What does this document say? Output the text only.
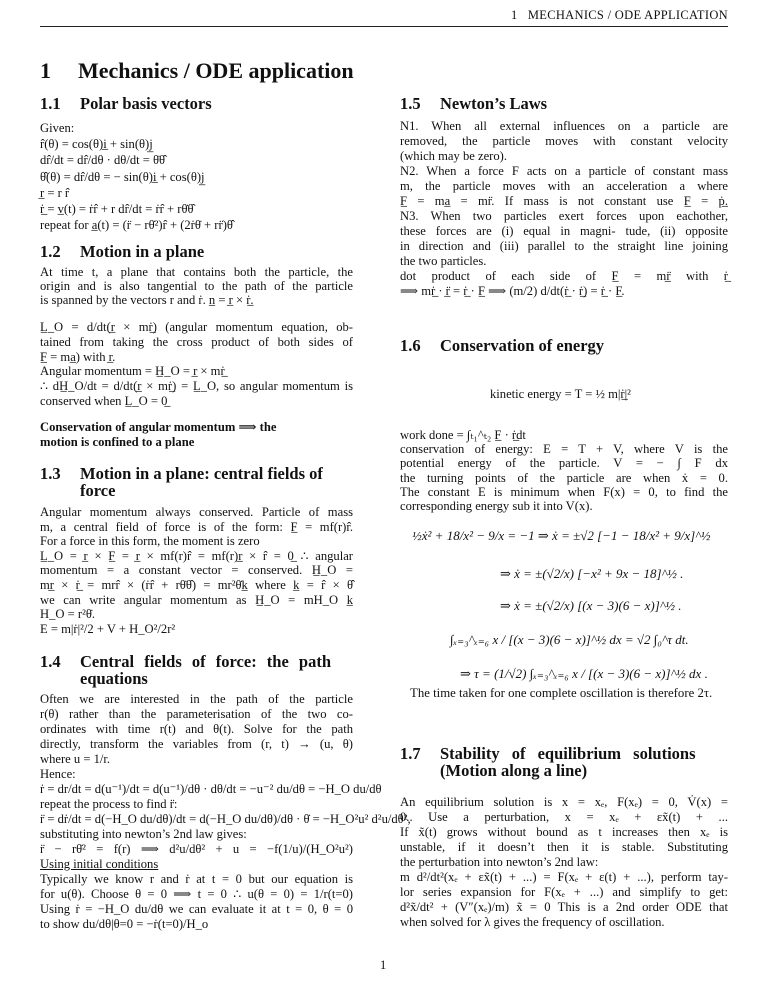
1 MECHANICS / ODE APPLICATION
1 Mechanics / ODE application
1.1 Polar basis vectors
1.2 Motion in a plane
1.3 Motion in a plane: central fields of
force
1.4 Central fields of force: the path
equations
1.5 Newton’s Laws
1.6 Conservation of energy
1.7 Stability of equilibrium solutions
(Motion along a line)
Given:
r̂(θ) = cos(θ)i̲ + sin(θ)j̲
dr̂/dt = dr̂/dθ · dθ/dt = θ̇θ̂
θ̂(θ) = dr̂/dθ = − sin(θ)i̲ + cos(θ)j̲
r̲ = r r̂
ṙ̲ = v̲(t) = ṙr̂ + r dr̂/dt = ṙr̂ + rθ̇θ̂
repeat for a̲(t) = (r̈ − rθ̇²)r̂ + (2ṙθ̇ + rr̈)θ̂
At time t, a plane that contains both the particle, the
origin and is also tangential to the path of the particle
is spanned by the vectors r and ṙ. n̲ = r̲ × ṙ̲.
L̲_O = d/dt(r̲ × mṙ̲) (angular momentum equation, ob-
tained from taking the cross product of both sides of
F̲ = ma̲) with r̲.
Angular momentum = H̲_O = r̲ × mṙ̲
∴ dH̲_O/dt = d/dt(r̲ × mṙ̲) = L̲_O, so angular momentum is
conserved when L̲_O = 0̲
Conservation of angular momentum ⟹ the
motion is confined to a plane
Angular momentum always conserved. Particle of mass
m, a central field of force is of the form: F̲ = mf(r)r̂.
For a force in this form, the moment is zero
L̲_O = r̲ × F̲ = r̲ × mf(r)r̂ = mf(r)r̲ × r̂ = 0̲ ∴ angular
momentum = a constant vector = conserved. H̲_O =
mr̲ × ṙ̲ = mrr̂ × (ṙr̂ + rθ̇θ̂) = mr²θ̇k̲ where k̲ = r̂ × θ̂
we can write angular momentum as H̲_O = mH_O k̲
H_O = r²θ̇.
E = m|ṙ|²/2 + V + H_O²/2r²
Often we are interested in the path of the particle
r(θ) rather than the parameterisation of the two co-
ordinates with time r(t) and θ(t). Solve for the path
directly, transform the variables from (r, t) → (u, θ)
where u = 1/r.
Hence:
ṙ = dr/dt = d(u⁻¹)/dt = d(u⁻¹)/dθ · dθ/dt = −u⁻² du/dθ = −H_O du/dθ
repeat the process to find r̈:
r̈ = dṙ/dt = d(−H_O du/dθ)/dt = d(−H_O du/dθ)/dθ · θ̇ = −H_O²u² d²u/dθ²,
substituting into newton’s 2nd law gives:
r̈ − rθ̇² = f(r) ⟹ d²u/dθ² + u = −f(1/u)/(H_O²u²)
Using initial conditions
Typically we know r and ṙ at t = 0 but our equation is
for u(θ). Choose θ = 0 ⟹ t = 0 ∴ u(θ = 0) = 1/r(t=0)
Using ṙ = −H_O du/dθ we can evaluate it at t = 0, θ = 0
to show du/dθ|θ=0 = −ṙ(t=0)/H_o
N1. When all external influences on a particle are
removed, the particle moves with constant velocity
(which may be zero).
N2. When a force F acts on a particle of constant mass
m, the particle moves with an acceleration a where
F̲ = ma̲ = mr̈. If mass is not constant use F̲ = ṗ̲.
N3. When two particles exert forces upon eachother,
these forces are (i) equal in magni- tude, (ii) opposite
in direction and (iii) parallel to the straight line joining
the two particles.
dot product of each side of F̲ = mr̲̈ with ṙ̲
⟹ mṙ̲ · r̲̈ = ṙ̲ · F̲ ⟹ (m/2) d/dt(ṙ̲ · ṙ̲) = ṙ̲ · F̲.
kinetic energy = T = ½ m|ṙ̲|²
work done = ∫ₜ₁^ₜ₂ F̲ · ṙ̲dt
conservation of energy: E = T + V, where V is the
potential energy of the particle. V = − ∫ F dx
the turning points of the particle are when ẋ = 0.
The constant E is minimum when F(x) = 0, to find the
corresponding energy sub it into V(x).
An equilibrium solution is x = xₑ, F(xₑ) = 0, V̇(x) =
0.. Use a perturbation, x = xₑ + εx̃(t) + ...
If x̃(t) grows without bound as t increases then xₑ is
unstable, if it doesn’t then it is stable. Substituting
the perturbation into newton’s 2nd law:
m d²/dt²(xₑ + εx̃(t) + ...) = F(xₑ + ε(t) + ...), perform tay-
lor series expansion for F(xₑ + ...) and simplify to get:
d²x̃/dt² + (V″(xₑ)/m) x̃ = 0 This is a 2nd order ODE that
when solved for λ gives the frequency of oscillation.
½ẋ² + 18/x² − 9/x = −1 ⇒ ẋ = ±√2 [−1 − 18/x² + 9/x]^½
⇒ ẋ = ±(√2/x) [−x² + 9x − 18]^½ .
⇒ ẋ = ±(√2/x) [(x − 3)(6 − x)]^½ .
∫ₓ₌₃^ₓ₌₆ x / [(x − 3)(6 − x)]^½ dx = √2 ∫₀^τ dt.
⇒ τ = (1/√2) ∫ₓ₌₃^ₓ₌₆ x / [(x − 3)(6 − x)]^½ dx .
The time taken for one complete oscillation is therefore 2τ.
1
